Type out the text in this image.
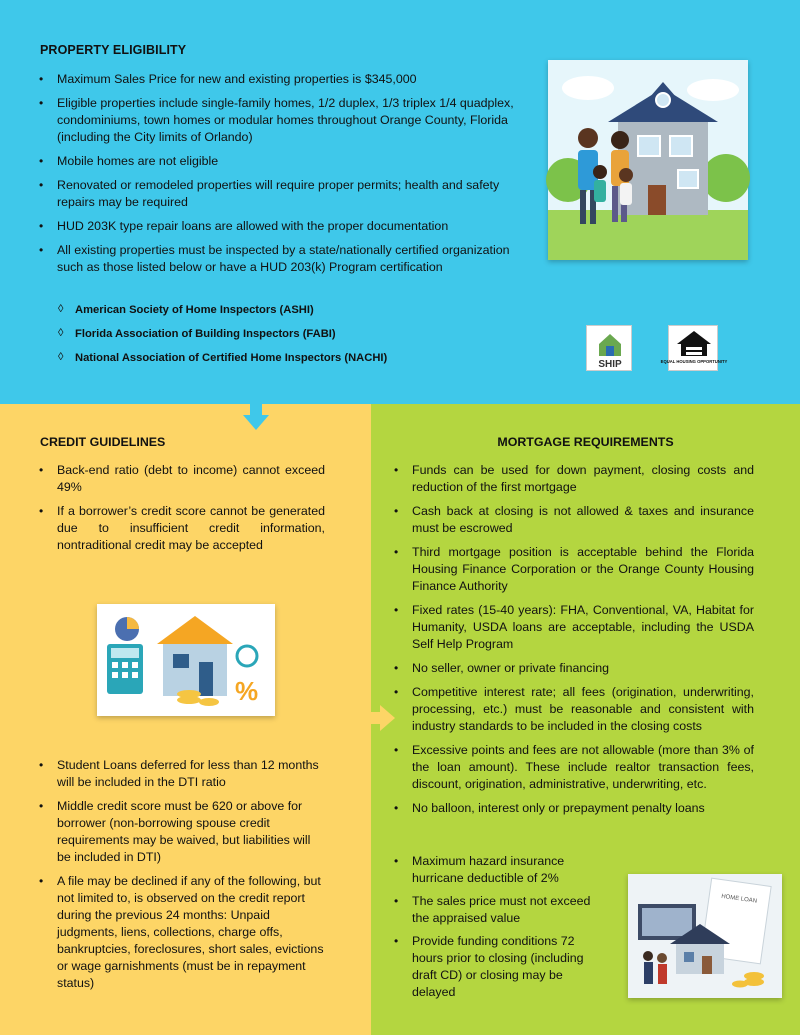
PROPERTY ELIGIBILITY
• Maximum Sales Price for new and existing properties is $345,000
• Eligible properties include single-family homes, 1/2 duplex, 1/3 triplex 1/4 quadplex, condominiums, town homes or modular homes throughout Orange County, Florida (including the City limits of Orlando)
• Mobile homes are not eligible
• Renovated or remodeled properties will require proper permits; health and safety repairs may be required
• HUD 203K type repair loans are allowed with the proper documentation
• All existing properties must be inspected by a state/nationally certified organization such as those listed below or have a HUD 203(k) Program certification
◊ American Society of Home Inspectors (ASHI)
◊ Florida Association of Building Inspectors (FABI)
◊ National Association of Certified Home Inspectors (NACHI)
SHIP	EQUAL HOUSING OPPORTUNITY
CREDIT GUIDELINES
• Back-end ratio (debt to income) cannot exceed 49%
• If a borrower’s credit score cannot be generated due to insufficient credit information, nontraditional credit may be accepted
%
• Student Loans deferred for less than 12 months will be included in the DTI ratio
• Middle credit score must be 620 or above for borrower (non-borrowing spouse credit requirements may be waived, but liabilities will be included in DTI)
• A file may be declined if any of the following, but not limited to, is observed on the credit report during the previous 24 months: Unpaid judgments, liens, collections, charge offs, bankruptcies, foreclosures, short sales, evictions or wage garnishments (must be in repayment status)
MORTGAGE REQUIREMENTS
• Funds can be used for down payment, closing costs and reduction of the first mortgage
• Cash back at closing is not allowed & taxes and insurance must be escrowed
• Third mortgage position is acceptable behind the Florida Housing Finance Corporation or the Orange County Housing Finance Authority
• Fixed rates (15-40 years): FHA, Conventional, VA, Habitat for Humanity, USDA loans are acceptable, including the USDA Self Help Program
• No seller, owner or private financing
• Competitive interest rate; all fees (origination, underwriting, processing, etc.) must be reasonable and consistent with industry standards to be included in the closing costs
• Excessive points and fees are not allowable (more than 3% of the loan amount). These include realtor transaction fees, discount, origination, administrative, underwriting, etc.
• No balloon, interest only or prepayment penalty loans
• Maximum hazard insurance hurricane deductible of 2%
• The sales price must not exceed the appraised value
• Provide funding conditions 72 hours prior to closing (including draft CD) or closing may be delayed
HOME LOAN
